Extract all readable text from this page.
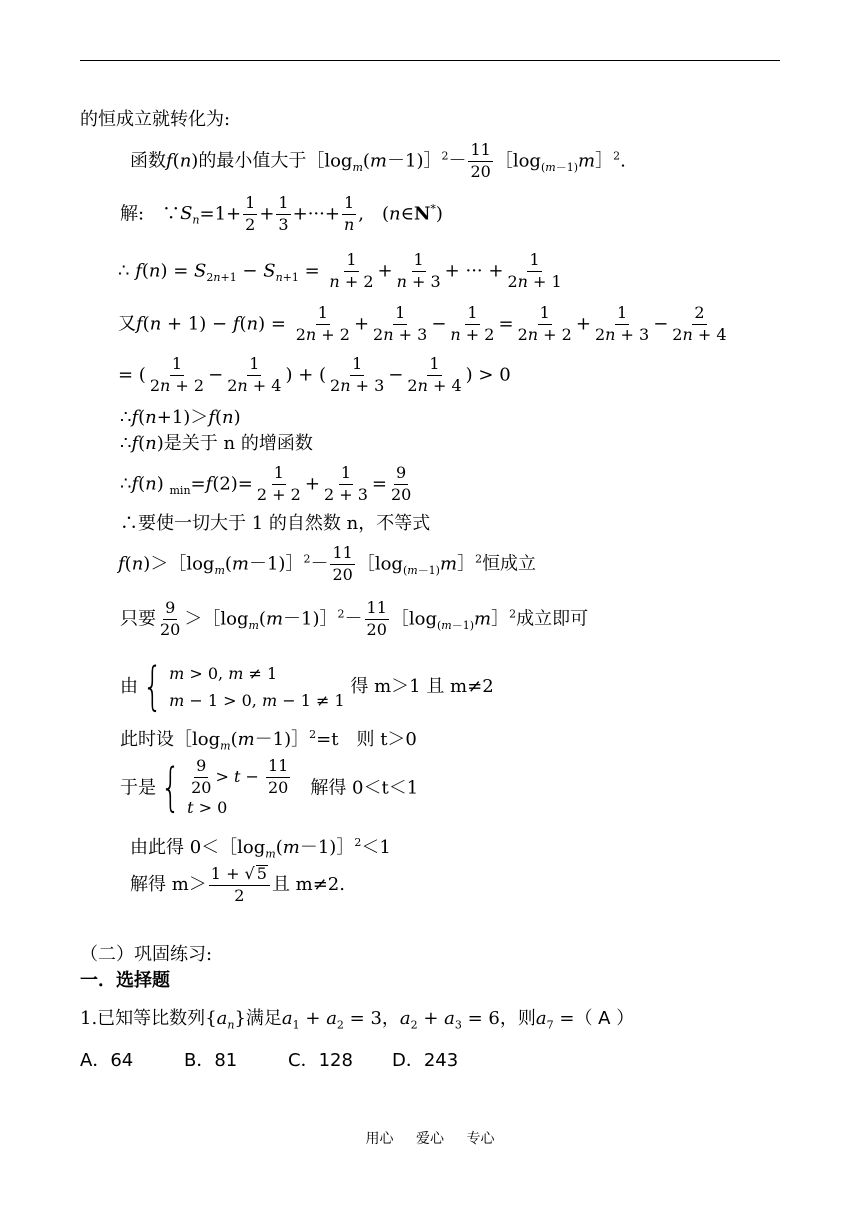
的恒成立就转化为:
函数f(n)的最小值大于$[\log_m(m-1)]^2- \frac{11}{20}$ $[\log_{(m-1)}m]^2$.
解:　 $\because S_n=1+ \frac{1}{2} + \frac{1}{3}$ +···+ $\frac{1}{n}$ ,　(n∈N*)
∴ $f(n) = S_{2n+1} - S_{n+1} = \frac{1}{n + 2} + \frac{1}{n + 3}$ + ··· + $\frac{1}{2n + 1}$
又$f(n + 1) - f(n) = \frac{1}{2n + 2} + \frac{1}{2n + 3} - \frac{1}{n + 2} = \frac{1}{2n + 2} + \frac{1}{2n + 3} - \frac{2}{2n + 4}$
= ( $\frac{1}{2n + 2} - \frac{1}{2n + 4}$ ) + ( $\frac{1}{2n + 3} - \frac{1}{2n + 4}$ ) > 0
∴f(n+1)＞f(n)
∴f(n)是关于 n 的增函数
∴f(n) $_{min}=f(2)= \frac{1}{2 + 2} + \frac{1}{2 + 3} = \frac{9}{20}$
∴要使一切大于 1 的自然数 n，不等式
$f(n)>[\log_m(m-1)]^2- \frac{11}{20}$ $[\log_{(m-1)}m]^2$恒成立
只要 $\frac{9}{20}$ $>[\log_m(m-1)]^2- \frac{11}{20}$ $[\log_{(m-1)}m]^2$成立即可
由{ m > 0, m ≠ 1
m − 1 > 0, m − 1 ≠ 1
得 m＞1 且 m≠2
此时设$[\log_m(m-1)]^2=t$　则 t＞0
于是{ $\frac{9}{20} > t - \frac{11}{20}$
t > 0
　解得 0＜t＜1
由此得 $0<[\log_m(m-1)]^2<1$
解得 $m> \frac{1 + √ 5}{2}$ 且 m≠2.
（二）巩固练习:
一．选择题
1.已知等比数列$\{a_n\}$满足$a_1 + a_2 = 3$，$a_2 + a_3 = 6$，则$a_7$ =（ A ）
A．64	B．81	C．128 D．243
用心 爱心 专心
